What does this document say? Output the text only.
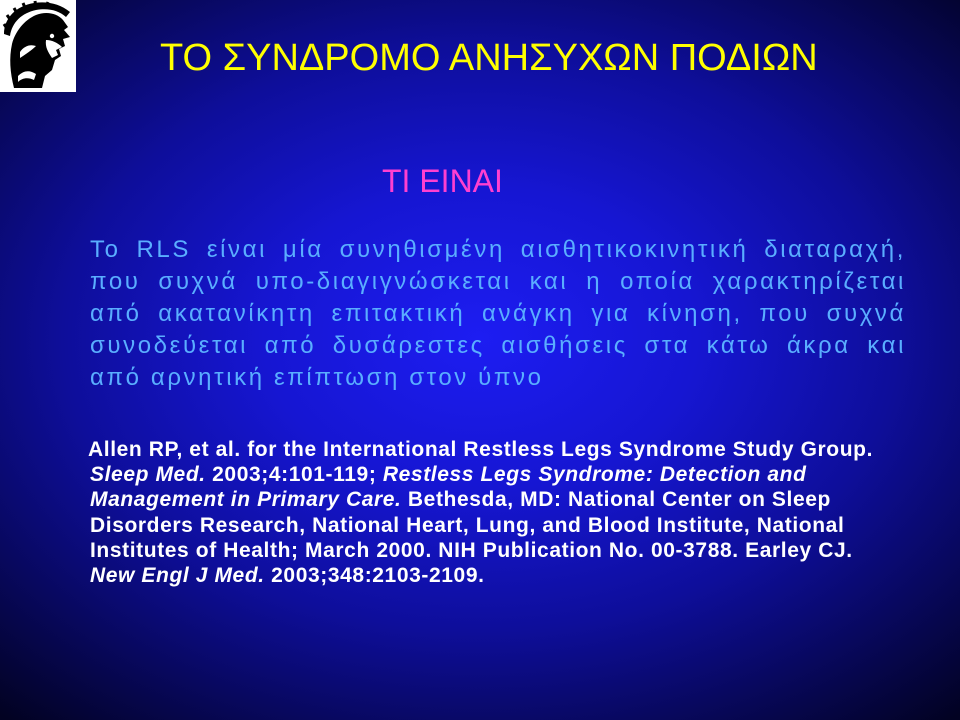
ΤΟ ΣΥΝΔΡΟΜΟ ΑΝΗΣΥΧΩΝ ΠΟΔΙΩΝ
ΤΙ ΕΙΝΑΙ
Το RLS είναι μία συνηθισμένη αισθητικοκινητική διαταραχή,
που συχνά υπο-διαγιγνώσκεται και η οποία χαρακτηρίζεται
από ακατανίκητη επιτακτική ανάγκη για κίνηση, που συχνά
συνοδεύεται από δυσάρεστες αισθήσεις στα κάτω άκρα και
από αρνητική επίπτωση στον ύπνο
Allen RP, et al. for the International Restless Legs Syndrome Study Group.
Sleep Med. 2003;4:101-119; Restless Legs Syndrome: Detection and
Management in Primary Care. Bethesda, MD: National Center on Sleep
Disorders Research, National Heart, Lung, and Blood Institute, National
Institutes of Health; March 2000. NIH Publication No. 00-3788. Earley CJ.
New Engl J Med. 2003;348:2103-2109.
